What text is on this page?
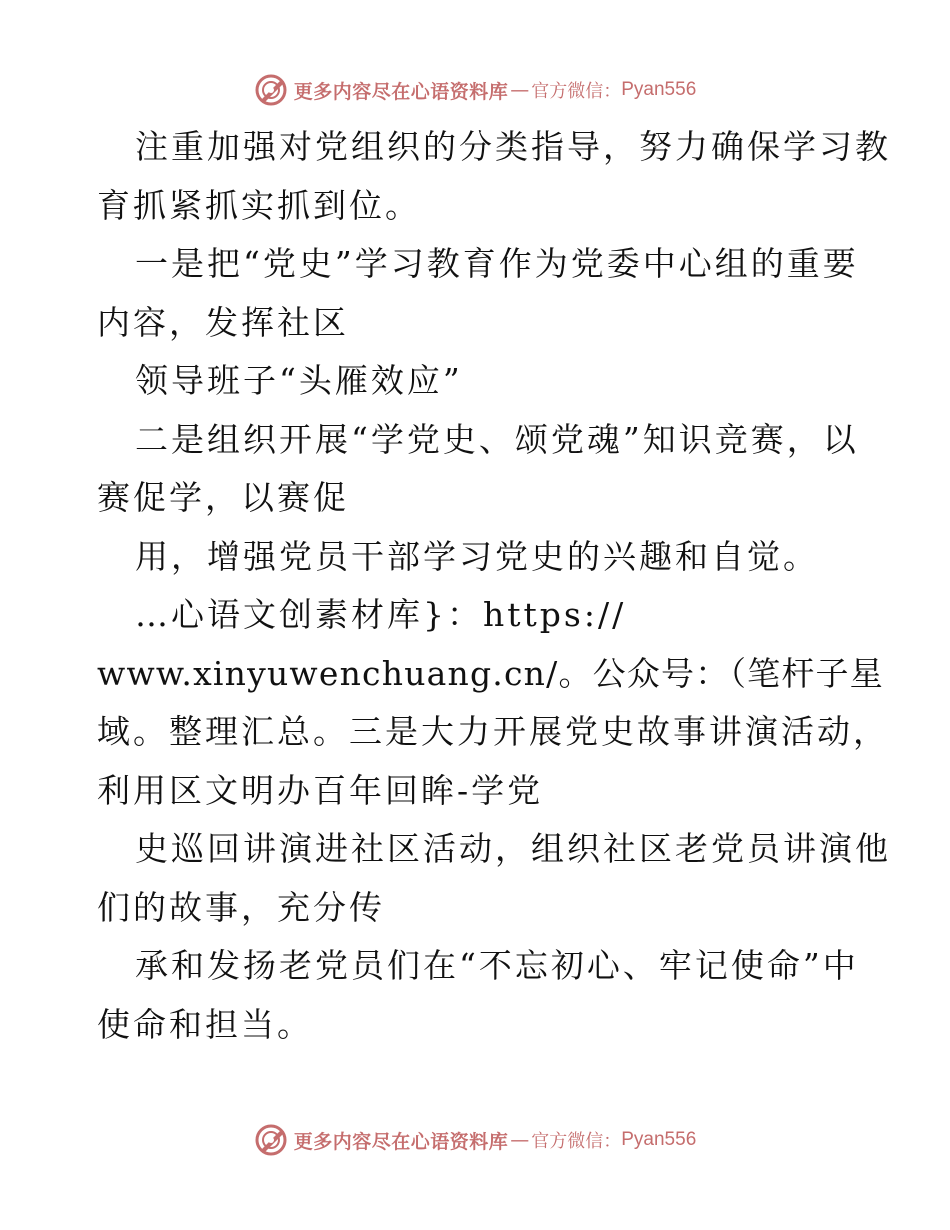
更多内容尽在心语资料库 — 官方微信： Pyan556
注重加强对党组织的分类指导，努力确保学习教
育抓紧抓实抓到位。
一是把“党史”学习教育作为党委中心组的重要
内容，发挥社区
领导班子“头雁效应”
二是组织开展“学党史、颂党魂”知识竞赛，以
赛促学，以赛促
用，增强党员干部学习党史的兴趣和自觉。
…心语文创素材库}：https://
www.xinyuwenchuang.cn/。公众号：（笔杆子星
域。整理汇总。三是大力开展党史故事讲演活动，
利用区文明办百年回眸-学党
史巡回讲演进社区活动，组织社区老党员讲演他
们的故事，充分传
承和发扬老党员们在“不忘初心、牢记使命”中
使命和担当。
更多内容尽在心语资料库 — 官方微信： Pyan556
